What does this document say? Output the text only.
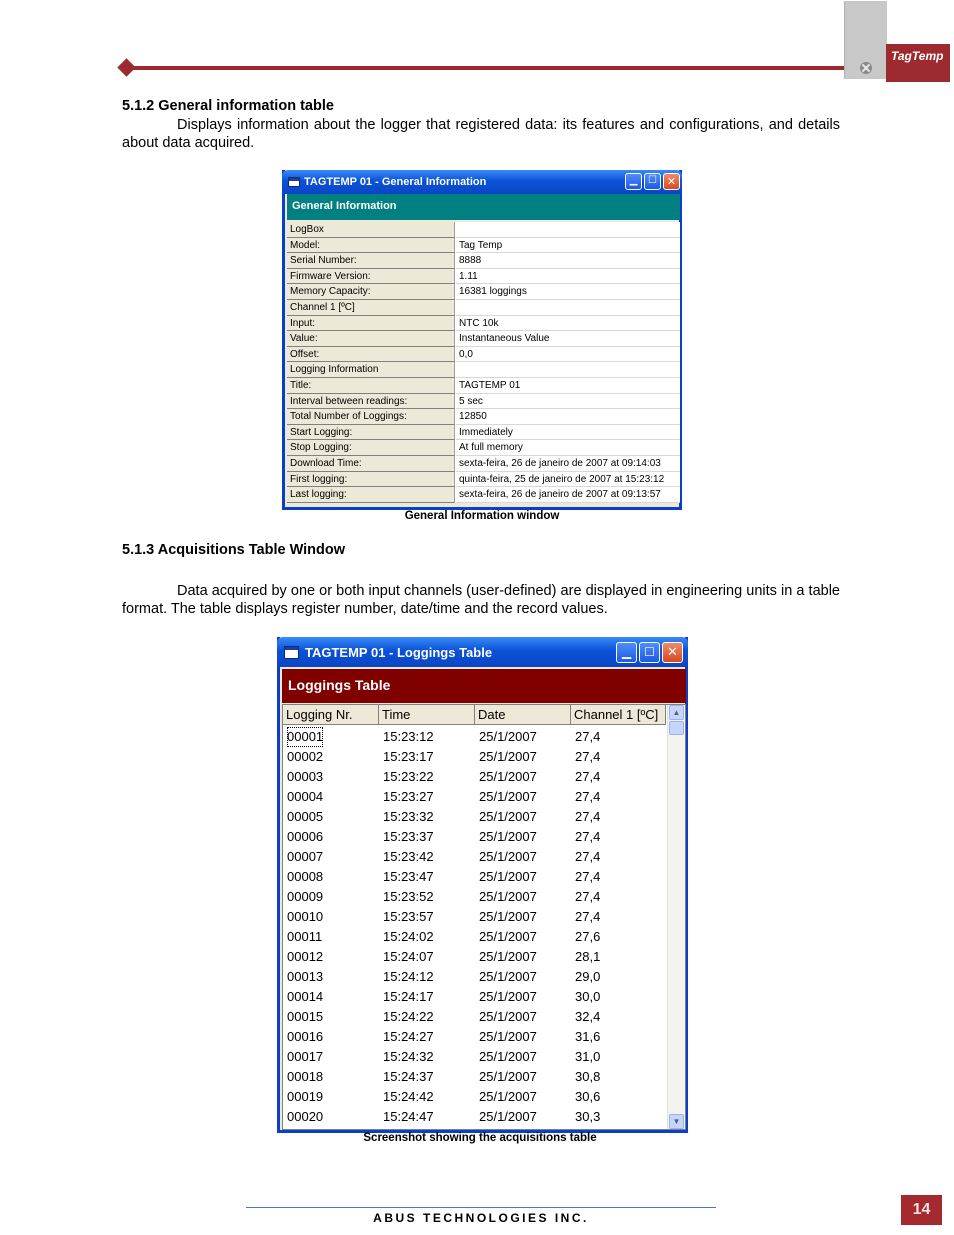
TagTemp
5.1.2 General information table
Displays information about the logger that registered data: its features and configurations, and details about data acquired.
TAGTEMP 01 - General Information	▁	☐ ✕
General Information
LogBox
Model:	Tag Temp
Serial Number:	8888
Firmware Version:	1.11
Memory Capacity:	16381 loggings
Channel 1 [ºC]
Input:	NTC 10k
Value:	Instantaneous Value
Offset:	0,0
Logging Information
Title:	TAGTEMP 01
Interval between readings:	5 sec
Total Number of Loggings:	12850
Start Logging:	Immediately
Stop Logging:	At full memory
Download Time:	sexta-feira, 26 de janeiro de 2007 at 09:14:03
First logging:	quinta-feira, 25 de janeiro de 2007 at 15:23:12
Last logging:	sexta-feira, 26 de janeiro de 2007 at 09:13:57
General Information window
5.1.3 Acquisitions Table Window
Data acquired by one or both input channels (user-defined) are displayed in engineering units in a table format. The table displays register number, date/time and the record values.
TAGTEMP 01 - Loggings Table	▁	☐ ✕
Loggings Table
Logging Nr.	Time	Date	Channel 1 [ºC]	▲
▼
00001	15:23:12	25/1/2007	27,4
00002	15:23:17	25/1/2007	27,4
00003	15:23:22	25/1/2007	27,4
00004	15:23:27	25/1/2007	27,4
00005	15:23:32	25/1/2007	27,4
00006	15:23:37	25/1/2007	27,4
00007	15:23:42	25/1/2007	27,4
00008	15:23:47	25/1/2007	27,4
00009	15:23:52	25/1/2007	27,4
00010	15:23:57	25/1/2007	27,4
00011	15:24:02	25/1/2007	27,6
00012	15:24:07	25/1/2007	28,1
00013	15:24:12	25/1/2007	29,0
00014	15:24:17	25/1/2007	30,0
00015	15:24:22	25/1/2007	32,4
00016	15:24:27	25/1/2007	31,6
00017	15:24:32	25/1/2007	31,0
00018	15:24:37	25/1/2007	30,8
00019	15:24:42	25/1/2007	30,6
00020	15:24:47	25/1/2007	30,3
Screenshot showing the acquisitions table
ABUS TECHNOLOGIES INC.	14
